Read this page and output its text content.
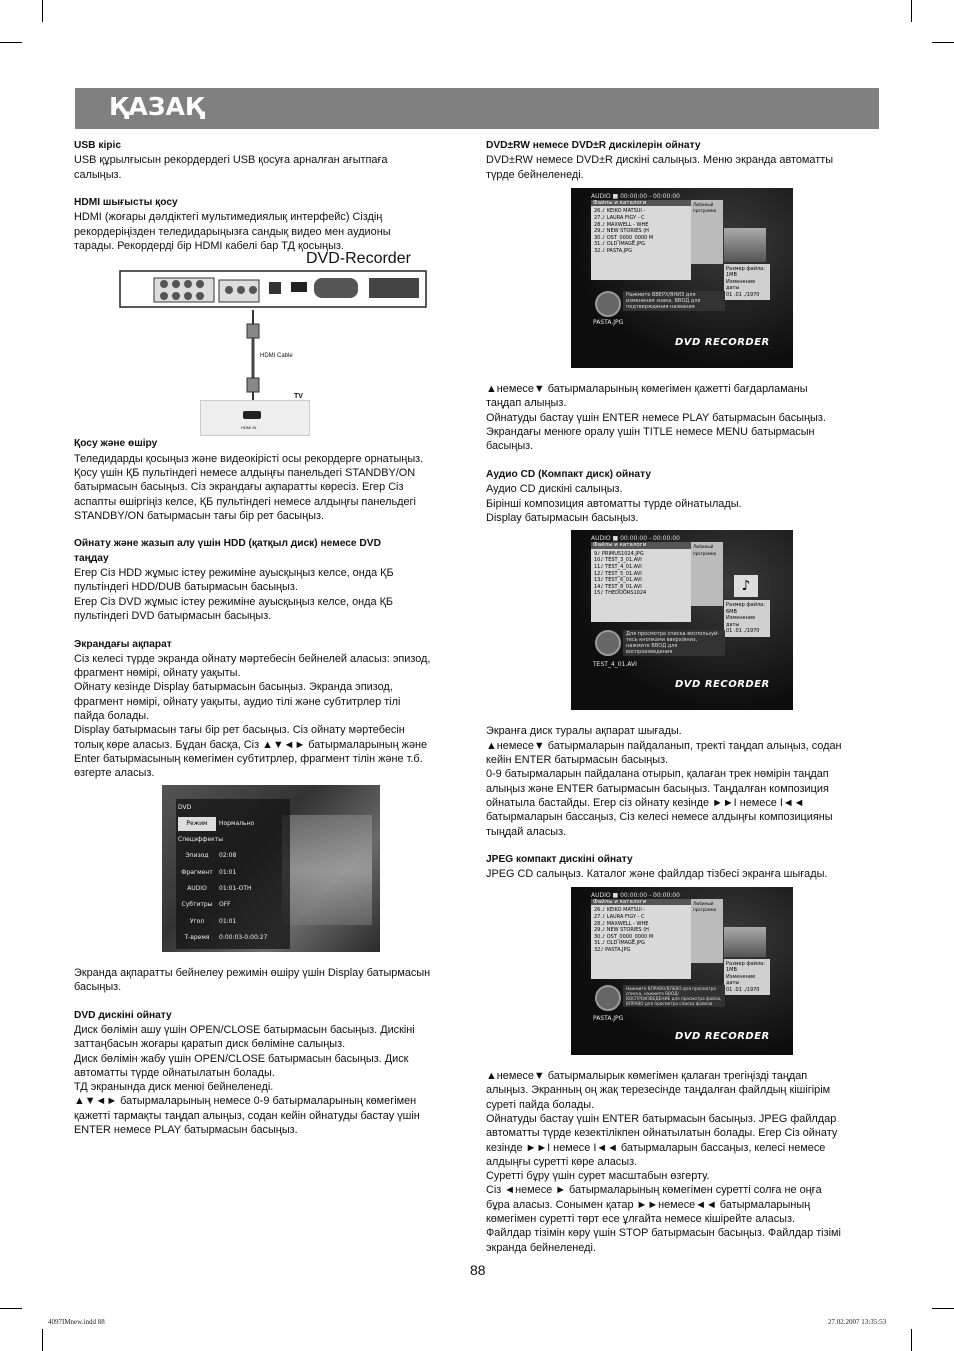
ҚАЗАҚ
USB кіріс

USB құрылғысын рекордердегі USB қосуға арналған ағытпаға

салыңыз.

HDMI шығысты қосу

HDMI (жоғары дәлдіктегі мультимедиялық интерфейс) Сіздің

рекордеріңізден теледидарыңызға сандық видео мен аудионы

тарады. Рекордерді бір HDMI кабелі бар ТД қосыңыз.

DVD-Recorder
HDMI Cable
TV
HDMI IN
Қосу және өшіру

Теледидарды қосыңыз және видеокірісті осы рекордерге орнатыңыз.

Қосу үшін ҚБ пультіндегі немесе алдыңғы панельдегі STANDBY/ON

батырмасын басыңыз. Сіз экрандағы ақпаратты көресіз. Егер Сіз

аспапты өшіргіңіз келсе, ҚБ пультіндегі немесе алдыңғы панельдегі

STANDBY/ON батырмасын тағы бір рет басыңыз.

Ойнату және жазып алу үшін HDD (қатқыл диск) немесе DVD
таңдау

Егер Сіз HDD жұмыс істеу режиміне ауысқыңыз келсе, онда ҚБ

пультіндегі HDD/DUB батырмасын басыңыз.

Егер Сіз DVD жұмыс істеу режиміне ауысқыңыз келсе, онда ҚБ

пультіндегі DVD батырмасын басыңыз.

Экрандағы ақпарат

Сіз келесі түрде экранда ойнату мәртебесін бейнелей аласыз: эпизод,

фрагмент нөмірі, ойнату уақыты.

Ойнату кезінде Display батырмасын басыңыз. Экранда эпизод,

фрагмент нөмірі, ойнату уақыты, аудио тілі және субтитрлер тілі

пайда болады.

Display батырмасын тағы бір рет басыңыз. Сіз ойнату мәртебесін

толық көре аласыз. Бұдан басқа, Сіз ▲▼◄► батырмаларының және

Enter батырмасының көмегімен субтитрлер, фрагмент тілін және т.б.

өзгерте аласыз.

DVD
Режим	Нормально
Спецэффекты
Эпизод	02:08
Фрагмент	01:01
AUDIO	01:01-OTH
Субтитры	OFF
Угол	01:01
Т-время	0:00:03-0:00:27

Экранда ақпаратты бейнелеу режимін өшіру үшін Display батырмасын

басыңыз.

DVD дискіні ойнату

Диск бөлімін ашу үшін OPEN/CLOSE батырмасын басыңыз. Дискіні

заттаңбасын жоғары қаратып диск бөліміне салыңыз.

Диск бөлімін жабу үшін OPEN/CLOSE батырмасын басыңыз. Диск

автоматты түрде ойнатылатын болады.

ТД экранында диск менюі бейнеленеді.

▲▼◄► батырмаларының немесе 0-9 батырмаларының көмегімен

қажетті тармақты таңдап алыңыз, содан кейін ойнатуды бастау үшін

ENTER немесе PLAY батырмасын басыңыз.

DVD±RW немесе DVD±R дискілерін ойнату

DVD±RW немесе DVD±R дискіні салыңыз. Меню экранда автоматты

түрде бейнеленеді.

AUDIO ■ 00:00:00 - 00:00:00
Файлы и каталоги
26.♪ KEIKO MATSUI -
27.♪ LAURA FIGY - C
28.♪ MAXWELL - WHE
29.♪ NEW STORIES (H
30.♪ OST_0000_0000 M
31.♪ OLD IMAGE.JPG
32.♪ PASTA.JPG
Любимый программа
Размер файла:
1MB
Изменение даты
01 .01 ./1970
Нажмите ВВЕРХ/ВНИЗ для изменения знака, ВВОД для подтверждения названия
PASTA.JPG
DVD RECORDER

▲немесе▼ батырмаларының көмегімен қажетті бағдарламаны

таңдап алыңыз.

Ойнатуды бастау үшін ENTER немесе PLAY батырмасын басыңыз.

Экрандағы менюге оралу үшін TITLE немесе MENU батырмасын

басыңыз.

Аудио CD (Компакт диск) ойнату

Аудио CD дискіні салыңыз.

Бірінші композиция автоматты түрде ойнатылады.

Display батырмасын басыңыз.

AUDIO ■ 00:00:00 - 00:00:00
Файлы и каталоги
9♪ PRIMUS1024.JPG
10♪ TEST_3_01.AVI
11♪ TEST_4_01.AVI
12♪ TEST_5_01.AVI
13♪ TEST_6_01.AVI
14♪ TEST_8_01.AVI
15♪ THEDOORS1024
Любимый программа
♪
Размер файла:
6MB
Изменение даты
01 .01 ./1970
Для просмотра списка воспользуй- тесь кнопками вверх/вниз, нажмите ВВОД для воспроизведения
TEST_4_01.AVI
DVD RECORDER

Экранға диск туралы ақпарат шығады.

▲немесе▼ батырмаларын пайдаланып, тректі таңдап алыңыз, содан

кейін ENTER батырмасын басыңыз.

0-9 батырмаларын пайдалана отырып, қалаған трек нөмірін таңдап

алыңыз және ENTER батырмасын басыңыз. Таңдалған композиция

ойнатыла бастайды. Егер сіз ойнату кезінде ►►I немесе I◄◄

батырмаларын бассаңыз, Сіз келесі немесе алдыңғы композицияны

тыңдай аласыз.

JPEG компакт дискіні ойнату

JPEG CD салыңыз. Каталог және файлдар тізбесі экранға шығады.

AUDIO ■ 00:00:00 - 00:00:00
Файлы и каталоги
26.♪ KEIKO MATSUI -
27.♪ LAURA FIGY - C
28.♪ MAXWELL - WHE
29.♪ NEW STORIES (H
30.♪ OST_0000_0000 M
31.♪ OLD IMAGE.JPG
32♪ PASTA.JPG
Любимый программа
Размер файла:
1MB
Изменение даты
01 .01 ./1970
Нажмите ВПРАВО/ВЛЕВО для просмотра списка, нажмите ВВОД/ВОСПРОИЗВЕДЕНИЕ для просмотра файла, ВПРАВО для просмотра списка файлов
PASTA.JPG
DVD RECORDER

▲немесе▼ батырмалырык көмегімен қалаған трегіңізді таңдап

алыңыз. Экранның оң жақ терезесінде таңдалған файлдың кішігірім

суреті пайда болады.

Ойнатуды бастау үшін ENTER батырмасын басыңыз. JPEG файлдар

автоматты түрде кезектілікпен ойнатылатын болады. Егер Сіз ойнату

кезінде ►►I немесе I◄◄ батырмаларын бассаңыз, келесі немесе

алдыңғы суретті көре аласыз.

Суретті бұру үшін сурет масштабын өзгерту.

Сіз ◄немесе ► батырмаларының көмегімен суретті солға не оңға

бұра аласыз. Сонымен қатар ►►немесе◄◄ батырмаларының

көмегімен суретті төрт есе ұлғайта немесе кішірейте аласыз.

Файлдар тізімін көру үшін STOP батырмасын басыңыз. Файлдар тізімі

экранда бейнеленеді.

88
4097IMnew.indd 88	27.02.2007 13:35:53
